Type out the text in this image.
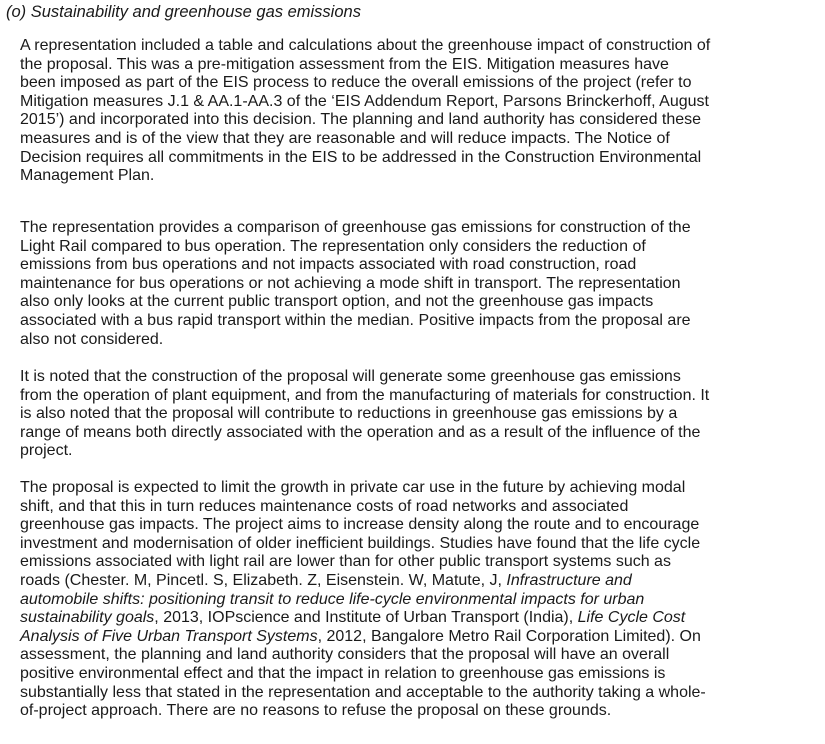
(o) Sustainability and greenhouse gas emissions
A representation included a table and calculations about the greenhouse impact of construction of
the proposal. This was a pre-mitigation assessment from the EIS. Mitigation measures have
been imposed as part of the EIS process to reduce the overall emissions of the project (refer to
Mitigation measures J.1 & AA.1-AA.3 of the ‘EIS Addendum Report, Parsons Brinckerhoff, August
2015’) and incorporated into this decision. The planning and land authority has considered these
measures and is of the view that they are reasonable and will reduce impacts. The Notice of
Decision requires all commitments in the EIS to be addressed in the Construction Environmental
Management Plan.
The representation provides a comparison of greenhouse gas emissions for construction of the
Light Rail compared to bus operation. The representation only considers the reduction of
emissions from bus operations and not impacts associated with road construction, road
maintenance for bus operations or not achieving a mode shift in transport. The representation
also only looks at the current public transport option, and not the greenhouse gas impacts
associated with a bus rapid transport within the median. Positive impacts from the proposal are
also not considered.
It is noted that the construction of the proposal will generate some greenhouse gas emissions
from the operation of plant equipment, and from the manufacturing of materials for construction. It
is also noted that the proposal will contribute to reductions in greenhouse gas emissions by a
range of means both directly associated with the operation and as a result of the influence of the
project.
The proposal is expected to limit the growth in private car use in the future by achieving modal
shift, and that this in turn reduces maintenance costs of road networks and associated
greenhouse gas impacts. The project aims to increase density along the route and to encourage
investment and modernisation of older inefficient buildings. Studies have found that the life cycle
emissions associated with light rail are lower than for other public transport systems such as
roads (Chester. M, Pincetl. S, Elizabeth. Z, Eisenstein. W, Matute, J, Infrastructure and
automobile shifts: positioning transit to reduce life-cycle environmental impacts for urban
sustainability goals, 2013, IOPscience and Institute of Urban Transport (India), Life Cycle Cost
Analysis of Five Urban Transport Systems, 2012, Bangalore Metro Rail Corporation Limited). On
assessment, the planning and land authority considers that the proposal will have an overall
positive environmental effect and that the impact in relation to greenhouse gas emissions is
substantially less that stated in the representation and acceptable to the authority taking a whole-
of-project approach. There are no reasons to refuse the proposal on these grounds.
